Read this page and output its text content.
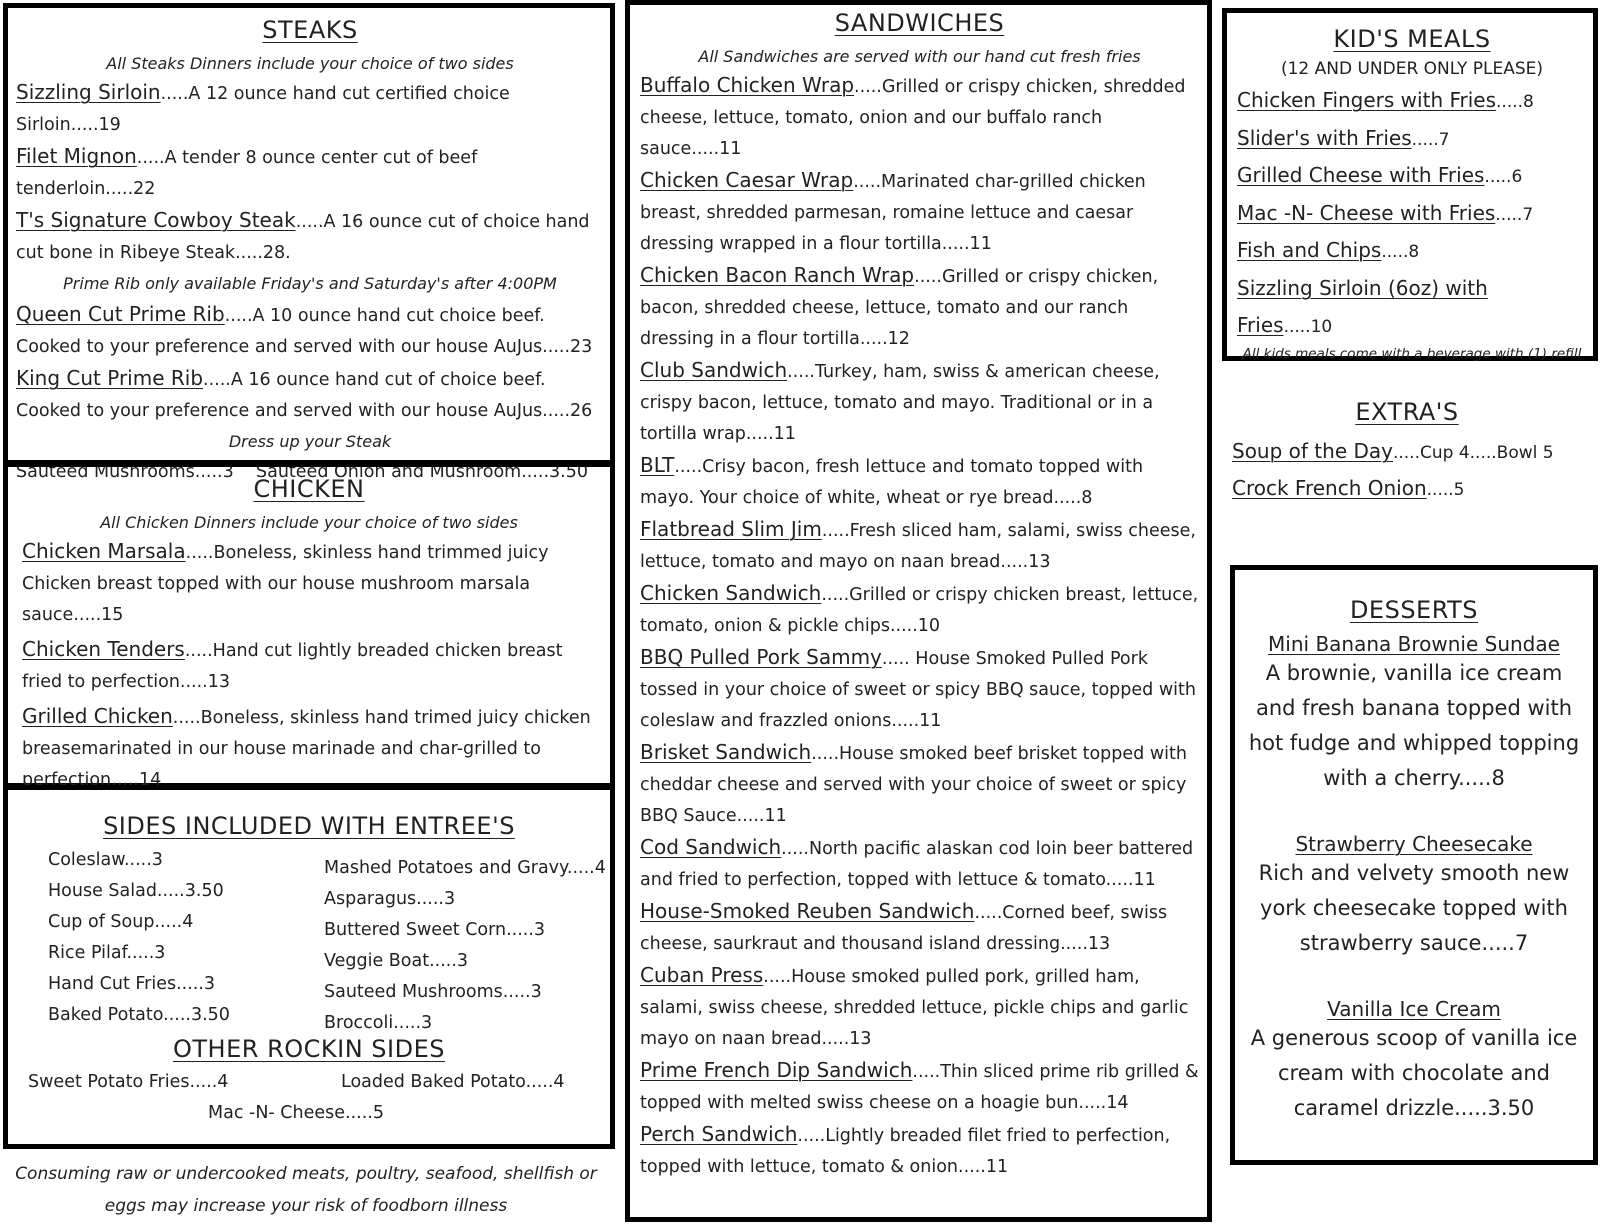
STEAKS
All Steaks Dinners include your choice of two sides
Sizzling Sirloin.....A 12 ounce hand cut certified choice Sirloin.....19
Filet Mignon.....A tender 8 ounce center cut of beef tenderloin.....22
T's Signature Cowboy Steak.....A 16 ounce cut of choice hand cut bone in Ribeye Steak.....28.
Prime Rib only available Friday's and Saturday's after 4:00PM
Queen Cut Prime Rib.....A 10 ounce hand cut choice beef. Cooked to your preference and served with our house AuJus.....23
King Cut Prime Rib.....A 16 ounce hand cut of choice beef. Cooked to your preference and served with our house AuJus.....26
Dress up your Steak
Sauteed Mushrooms.....3 Sauteed Onion and Mushroom.....3.50
CHICKEN
All Chicken Dinners include your choice of two sides
Chicken Marsala.....Boneless, skinless hand trimmed juicy Chicken breast topped with our house mushroom marsala sauce.....15
Chicken Tenders.....Hand cut lightly breaded chicken breast fried to perfection.....13
Grilled Chicken.....Boneless, skinless hand trimed juicy chicken breasemarinated in our house marinade and char-grilled to perfection.....14
SIDES INCLUDED WITH ENTREE'S
Coleslaw.....3
House Salad.....3.50
Cup of Soup.....4
Rice Pilaf.....3
Hand Cut Fries.....3
Baked Potato.....3.50
Mashed Potatoes and Gravy.....4
Asparagus.....3
Buttered Sweet Corn.....3
Veggie Boat.....3
Sauteed Mushrooms.....3
Broccoli.....3
OTHER ROCKIN SIDES
Sweet Potato Fries.....4	Loaded Baked Potato.....4
Mac -N- Cheese.....5
Consuming raw or undercooked meats, poultry, seafood, shellfish or
eggs may increase your risk of foodborn illness
SANDWICHES
All Sandwiches are served with our hand cut fresh fries
Buffalo Chicken Wrap.....Grilled or crispy chicken, shredded cheese, lettuce, tomato, onion and our buffalo ranch sauce.....11
Chicken Caesar Wrap.....Marinated char-grilled chicken breast, shredded parmesan, romaine lettuce and caesar dressing wrapped in a flour tortilla.....11
Chicken Bacon Ranch Wrap.....Grilled or crispy chicken, bacon, shredded cheese, lettuce, tomato and our ranch dressing in a flour tortilla.....12
Club Sandwich.....Turkey, ham, swiss & american cheese, crispy bacon, lettuce, tomato and mayo. Traditional or in a tortilla wrap.....11
BLT.....Crisy bacon, fresh lettuce and tomato topped with mayo. Your choice of white, wheat or rye bread.....8
Flatbread Slim Jim.....Fresh sliced ham, salami, swiss cheese, lettuce, tomato and mayo on naan bread.....13
Chicken Sandwich.....Grilled or crispy chicken breast, lettuce, tomato, onion & pickle chips.....10
BBQ Pulled Pork Sammy..... House Smoked Pulled Pork tossed in your choice of sweet or spicy BBQ sauce, topped with coleslaw and frazzled onions.....11
Brisket Sandwich.....House smoked beef brisket topped with cheddar cheese and served with your choice of sweet or spicy BBQ Sauce.....11
Cod Sandwich.....North pacific alaskan cod loin beer battered and fried to perfection, topped with lettuce & tomato.....11
House-Smoked Reuben Sandwich.....Corned beef, swiss cheese, saurkraut and thousand island dressing.....13
Cuban Press.....House smoked pulled pork, grilled ham, salami, swiss cheese, shredded lettuce, pickle chips and garlic mayo on naan bread.....13
Prime French Dip Sandwich.....Thin sliced prime rib grilled & topped with melted swiss cheese on a hoagie bun.....14
Perch Sandwich.....Lightly breaded filet fried to perfection, topped with lettuce, tomato & onion.....11
KID'S MEALS
(12 AND UNDER ONLY PLEASE)
Chicken Fingers with Fries.....8
Slider's with Fries.....7
Grilled Cheese with Fries.....6
Mac -N- Cheese with Fries.....7
Fish and Chips.....8
Sizzling Sirloin (6oz) with Fries.....10
All kids meals come with a beverage with (1) refill
EXTRA'S
Soup of the Day.....Cup 4.....Bowl 5
Crock French Onion.....5
DESSERTS
Mini Banana Brownie Sundae
A brownie, vanilla ice cream and fresh banana topped with hot fudge and whipped topping with a cherry.....8
Strawberry Cheesecake
Rich and velvety smooth new york cheesecake topped with strawberry sauce.....7
Vanilla Ice Cream
A generous scoop of vanilla ice cream with chocolate and caramel drizzle.....3.50
